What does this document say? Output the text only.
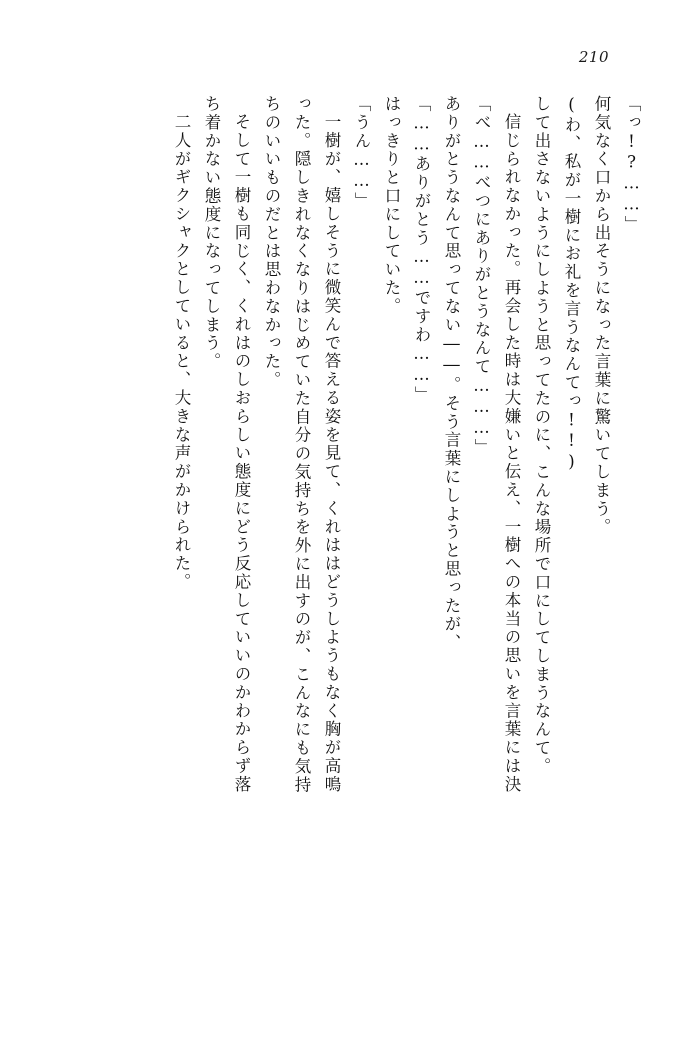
210
「っ!?……」
何気なく口から出そうになった言葉に驚いてしまう。
(わ、私が一樹にお礼を言うなんてっ!!)
して出さないようにしようと思ってたのに、こんな場所で口にしてしまうなんて。
信じられなかった。再会した時は大嫌いと伝え、一樹への本当の思いを言葉には決
「べ……べつにありがとうなんて………」
ありがとうなんて思ってない――。そう言葉にしようと思ったが、
「……ありがとう……ですわ……」
はっきりと口にしていた。
「うん……」
一樹が、嬉しそうに微笑んで答える姿を見て、くれははどうしようもなく胸が高鳴
った。隠しきれなくなりはじめていた自分の気持ちを外に出すのが、こんなにも気持
ちのいいものだとは思わなかった。
そして一樹も同じく、くれはのしおらしい態度にどう反応していいのかわからず落
ち着かない態度になってしまう。
二人がギクシャクとしていると、大きな声がかけられた。
